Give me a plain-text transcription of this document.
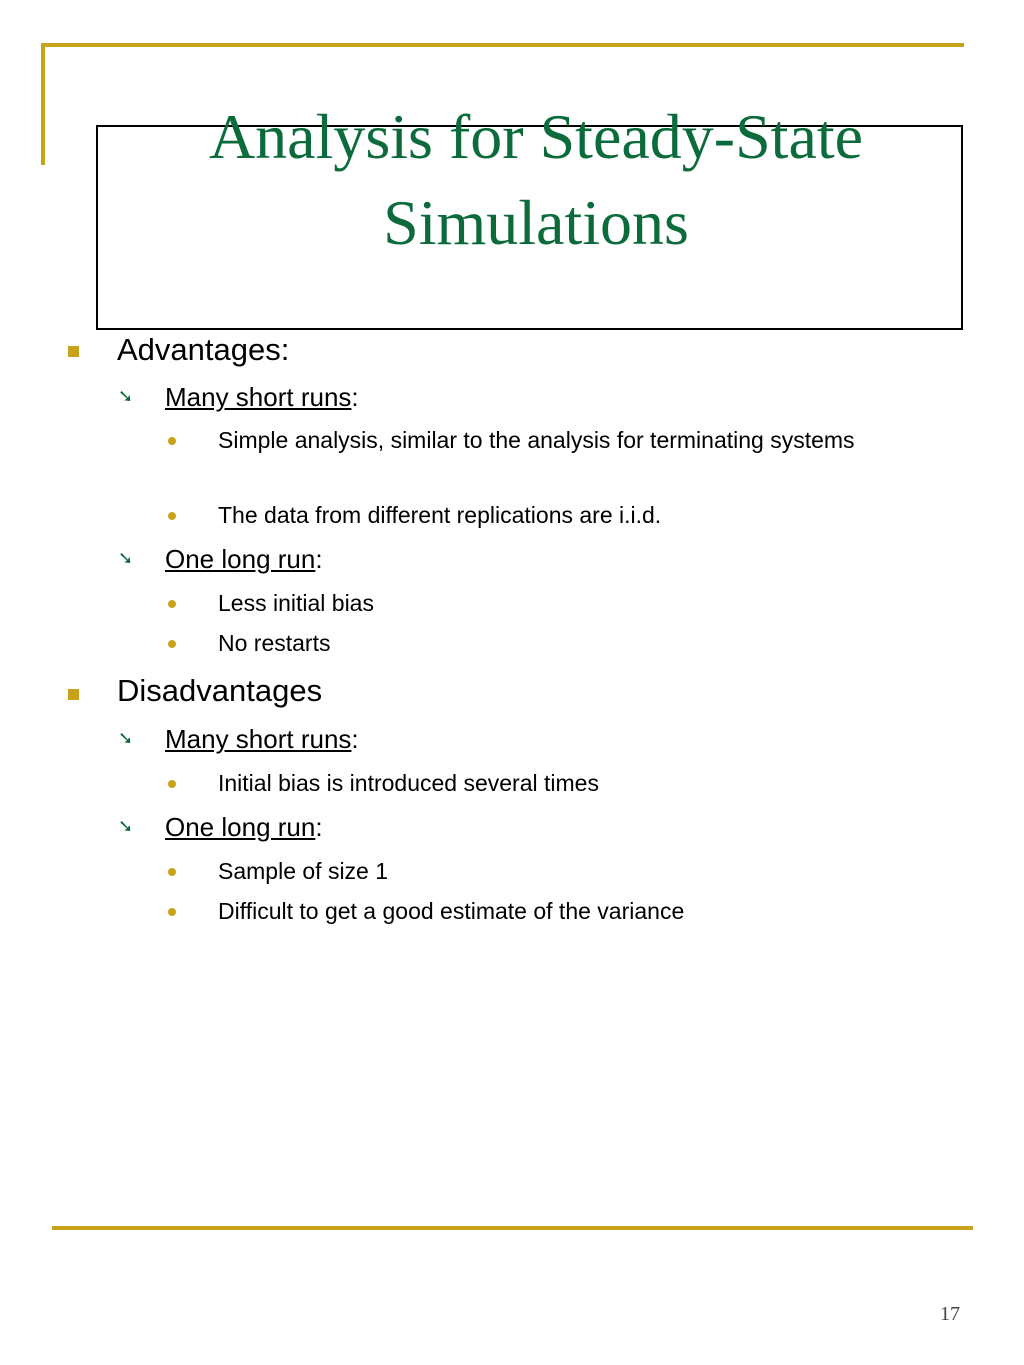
Analysis for Steady-State
Simulations

Advantages:

➘ Many short runs:

Simple analysis, similar to the analysis for terminating systems

The data from different replications are i.i.d.

➘ One long run:

Less initial bias

No restarts

Disadvantages

➘ Many short runs:

Initial bias is introduced several times

➘ One long run:

Sample of size 1

Difficult to get a good estimate of the variance

17
